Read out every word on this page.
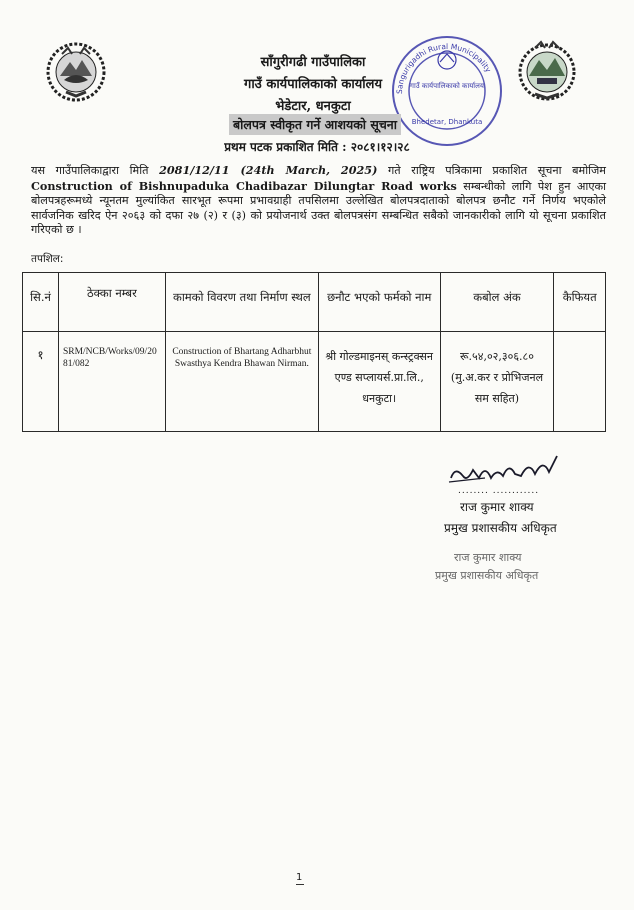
Sangurigadhi Rural Municipality
गाउँ कार्यपालिकाको कार्यालय
Bhedetar, Dhankuta
साँगुरीगढी गाउँपालिका
गाउँ कार्यपालिकाको कार्यालय
भेडेटार, धनकुटा
बोलपत्र स्वीकृत गर्ने आशयको सूचना
प्रथम पटक प्रकाशित मिति : २०८१।१२।२८
यस गाउँपालिकाद्वारा मिति 2081/12/11 (24th March, 2025) गते राष्ट्रिय पत्रिकामा प्रकाशित सूचना बमोजिम Construction of Bishnupaduka Chadibazar Dilungtar Road works सम्बन्धीको लागि पेश हुन आएका बोलपत्रहरूमध्ये न्यूनतम मुल्यांकित सारभूत रूपमा प्रभावग्राही तपसिलमा उल्लेखित बोलपत्रदाताको बोलपत्र छनौट गर्ने निर्णय भएकोले सार्वजनिक खरिद ऐन २०६३ को दफा २७ (२) र (३) को प्रयोजनार्थ उक्त बोलपत्रसंग सम्बन्धित सबैको जानकारीको लागि यो सूचना प्रकाशित गरिएको छ ।
तपशिल:
सि.नं	ठेक्का नम्बर	कामको विवरण तथा निर्माण स्थल	छनौट भएको फर्मको नाम	कबोल अंक	कैफियत
१	SRM/NCB/Works/09/2081/082	Construction of Bhartang Adharbhut Swasthya Kendra Bhawan Nirman.	श्री गोल्डमाइनस् कन्स्ट्रक्सन एण्ड सप्लायर्स.प्रा.लि., धनकुटा।	रू.५४,०२,३०६.८०
(मु.अ.कर र प्रोभिजनल सम सहित)	

........ ............
राज कुमार शाक्य
प्रमुख प्रशासकीय अधिकृत
राज कुमार शाक्य
प्रमुख प्रशासकीय अधिकृत
1
